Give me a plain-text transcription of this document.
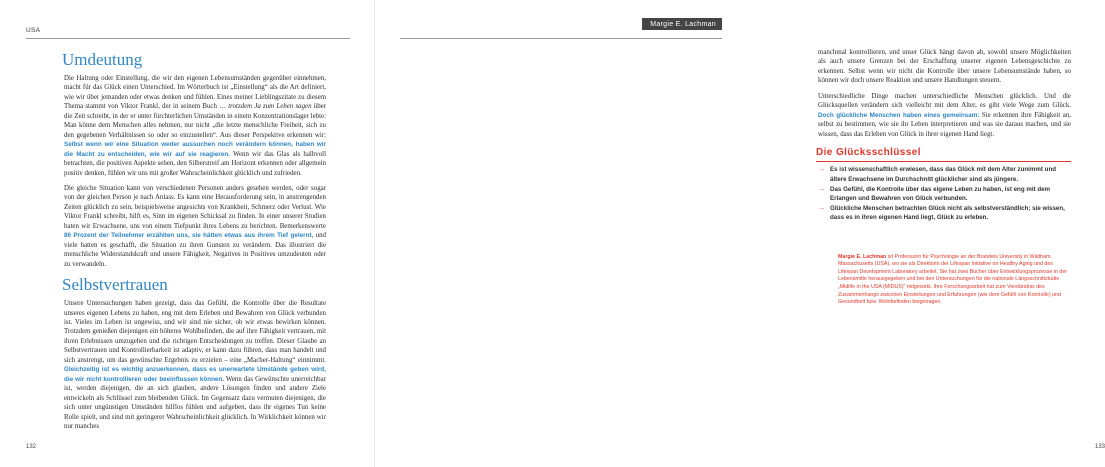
USA
Umdeutung

Die Haltung oder Einstellung, die wir den eigenen Lebensumständen gegenüber einnehmen, macht für das Glück einen Unterschied. Im Wörterbuch ist „Einstellung“ als die Art definiert, wie wir über jemanden oder etwas denken und fühlen. Eines meiner Lieblingszitate zu diesem Thema stammt von Viktor Frankl, der in seinem Buch … trotzdem Ja zum Leben sagen über die Zeit schreibt, in der er unter fürchterlichen Umständen in einem Konzentrationslager lebte: Man könne dem Menschen alles nehmen, nur nicht „die letzte menschliche Freiheit, sich zu den gegebenen Verhältnissen so oder so einzustellen“. Aus dieser Perspektive erkennen wir: Selbst wenn wir eine Situation weder aussuchen noch verändern können, haben wir die Macht zu entscheiden, wie wir auf sie reagieren. Wenn wir das Glas als halbvoll betrachten, die positiven Aspekte sehen, den Silberstreif am Horizont erkennen oder allgemein positiv denken, fühlen wir uns mit großer Wahrscheinlichkeit glücklich und zufrieden.

Die gleiche Situation kann von verschiedenen Personen anders gesehen werden, oder sogar von der gleichen Person je nach Anlass. Es kann eine Herausforderung sein, in anstrengenden Zeiten glücklich zu sein, beispielsweise angesichts von Krankheit, Schmerz oder Verlust. Wie Viktor Frankl schreibt, hilft es, Sinn im eigenen Schicksal zu finden. In einer unserer Studien baten wir Erwachsene, uns von einem Tiefpunkt ihres Lebens zu berichten. Bemerkenswerte 86 Prozent der Teilnehmer erzählten uns, sie hätten etwas aus ihrem Tief gelernt, und viele hatten es geschafft, die Situation zu ihren Gunsten zu verändern. Das illustriert die menschliche Widerstandskraft und unsere Fähigkeit, Negatives in Positives umzudeuten oder zu verwandeln.

Selbstvertrauen

Unsere Untersuchungen haben gezeigt, dass das Gefühl, die Kontrolle über die Resultate unseres eigenen Lebens zu haben, eng mit dem Erleben und Bewahren von Glück verbunden ist. Vieles im Leben ist ungewiss, und wir sind nie sicher, ob wir etwas bewirken können. Trotzdem genießen diejenigen ein höheres Wohlbefinden, die auf ihre Fähigkeit vertrauen, mit ihren Erlebnissen umzugehen und die richtigen Entscheidungen zu treffen. Dieser Glaube an Selbstvertrauen und Kontrollierbarkeit ist adaptiv, er kann dazu führen, dass man handelt und sich anstrengt, um das gewünschte Ergebnis zu erzielen – eine „Macher-Haltung“ einnimmt. Gleichzeitig ist es wichtig anzuerkennen, dass es unerwartete Umstände geben wird, die wir nicht kontrollieren oder beeinflussen können. Wenn das Gewünschte unerreichbar ist, werden diejenigen, die an sich glauben, andere Lösungen finden und andere Ziele entwickeln als Schlüssel zum bleibenden Glück. Im Gegensatz dazu vermuten diejenigen, die sich unter ungünstigen Umständen hilflos fühlen und aufgeben, dass ihr eigenes Tun keine Rolle spielt, und sind mit geringerer Wahrscheinlichkeit glücklich. In Wirklichkeit können wir nur manches

132

manchmal kontrollieren, und unser Glück hängt davon ab, sowohl unsere Möglichkeiten als auch unsere Grenzen bei der Erschaffung unserer eigenen Lebensgeschichte zu erkennen. Selbst wenn wir nicht die Kontrolle über unsere Lebensumstände haben, so können wir doch unsere Reaktion und unsere Handlungen steuern.

Unterschiedliche Dinge machen unterschiedliche Menschen glücklich. Und die Glücksquellen verändern sich vielleicht mit dem Alter, es gibt viele Wege zum Glück. Doch glückliche Menschen haben eines gemeinsam: Sie erkennen ihre Fähigkeit an, selbst zu bestimmen, wie sie ihr Leben interpretieren und was sie daraus machen, und sie wissen, dass das Erleben von Glück in ihrer eigenen Hand liegt.

Die Glücksschlüssel
→ Es ist wissenschaftlich erwiesen, dass das Glück mit dem Alter zunimmt und ältere Erwachsene im Durchschnitt glücklicher sind als jüngere.
→ Das Gefühl, die Kontrolle über das eigene Leben zu haben, ist eng mit dem Erlangen und Bewahren von Glück verbunden.
→ Glückliche Menschen betrachten Glück nicht als selbstverständlich; sie wissen, dass es in ihren eigenen Hand liegt, Glück zu erleben.

Margie E. Lachman ist Professorin für Psychologie an der Brandeis University in Waltham, Massachusetts (USA), wo sie als Direktorin der Lifespan Initiative on Healthy Aging und des Lifespan Development Laboratory arbeitet. Sie hat zwei Bücher über Entwicklungsprozesse in der Lebensmitte herausgegeben und bei den Untersuchungen für die nationale Längsschnittstudie „Midlife in the USA (MIDUS)“ mitgewirkt. Ihre Forschungsarbeit hat zum Verständnis des Zusammenhangs zwischen Einstellungen und Erfahrungen (wie dem Gefühl von Kontrolle) und Gesundheit bzw. Wohlbefinden beigetragen.

133
Margie E. Lachman
